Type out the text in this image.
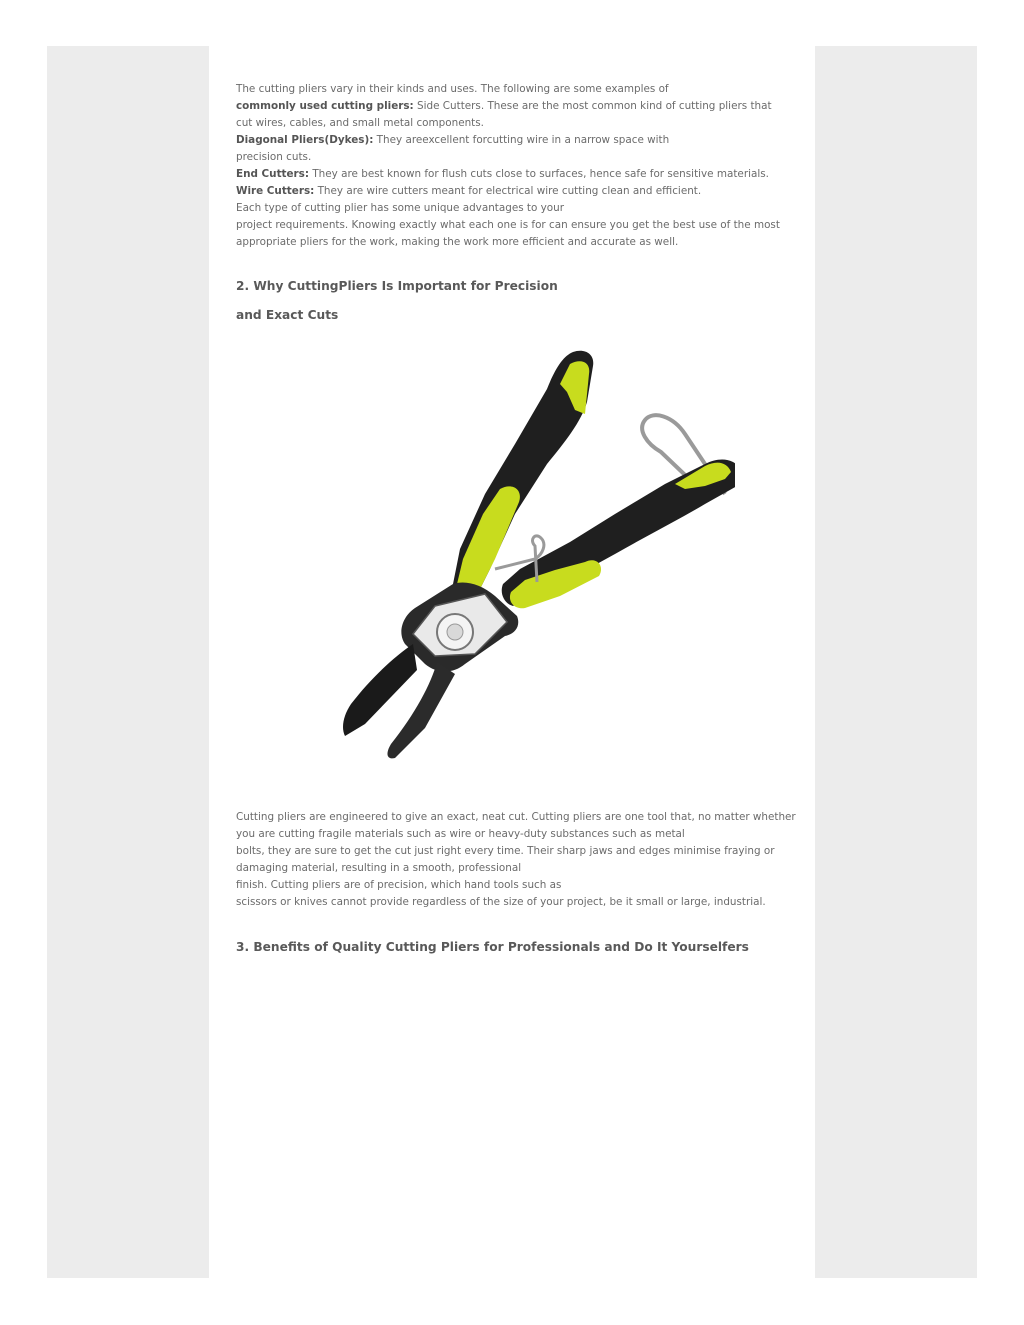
The cutting pliers vary in their kinds and uses. The following are some examples of
commonly used cutting pliers: Side Cutters. These are the most common kind of cutting pliers that
cut wires, cables, and small metal components.
Diagonal Pliers(Dykes): They areexcellent forcutting wire in a narrow space with
precision cuts.
End Cutters: They are best known for flush cuts close to surfaces, hence safe for sensitive materials.
Wire Cutters: They are wire cutters meant for electrical wire cutting clean and efficient.
Each type of cutting plier has some unique advantages to your
project requirements. Knowing exactly what each one is for can ensure you get the best use of the most
appropriate pliers for the work, making the work more efficient and accurate as well.
2. Why CuttingPliers Is Important for Precision
and Exact Cuts
Cutting pliers are engineered to give an exact, neat cut. Cutting pliers are one tool that, no matter whether
you are cutting fragile materials such as wire or heavy-duty substances such as metal
bolts, they are sure to get the cut just right every time. Their sharp jaws and edges minimise fraying or
damaging material, resulting in a smooth, professional
finish. Cutting pliers are of precision, which hand tools such as
scissors or knives cannot provide regardless of the size of your project, be it small or large, industrial.
3. Benefits of Quality Cutting Pliers for Professionals and Do It Yourselfers
